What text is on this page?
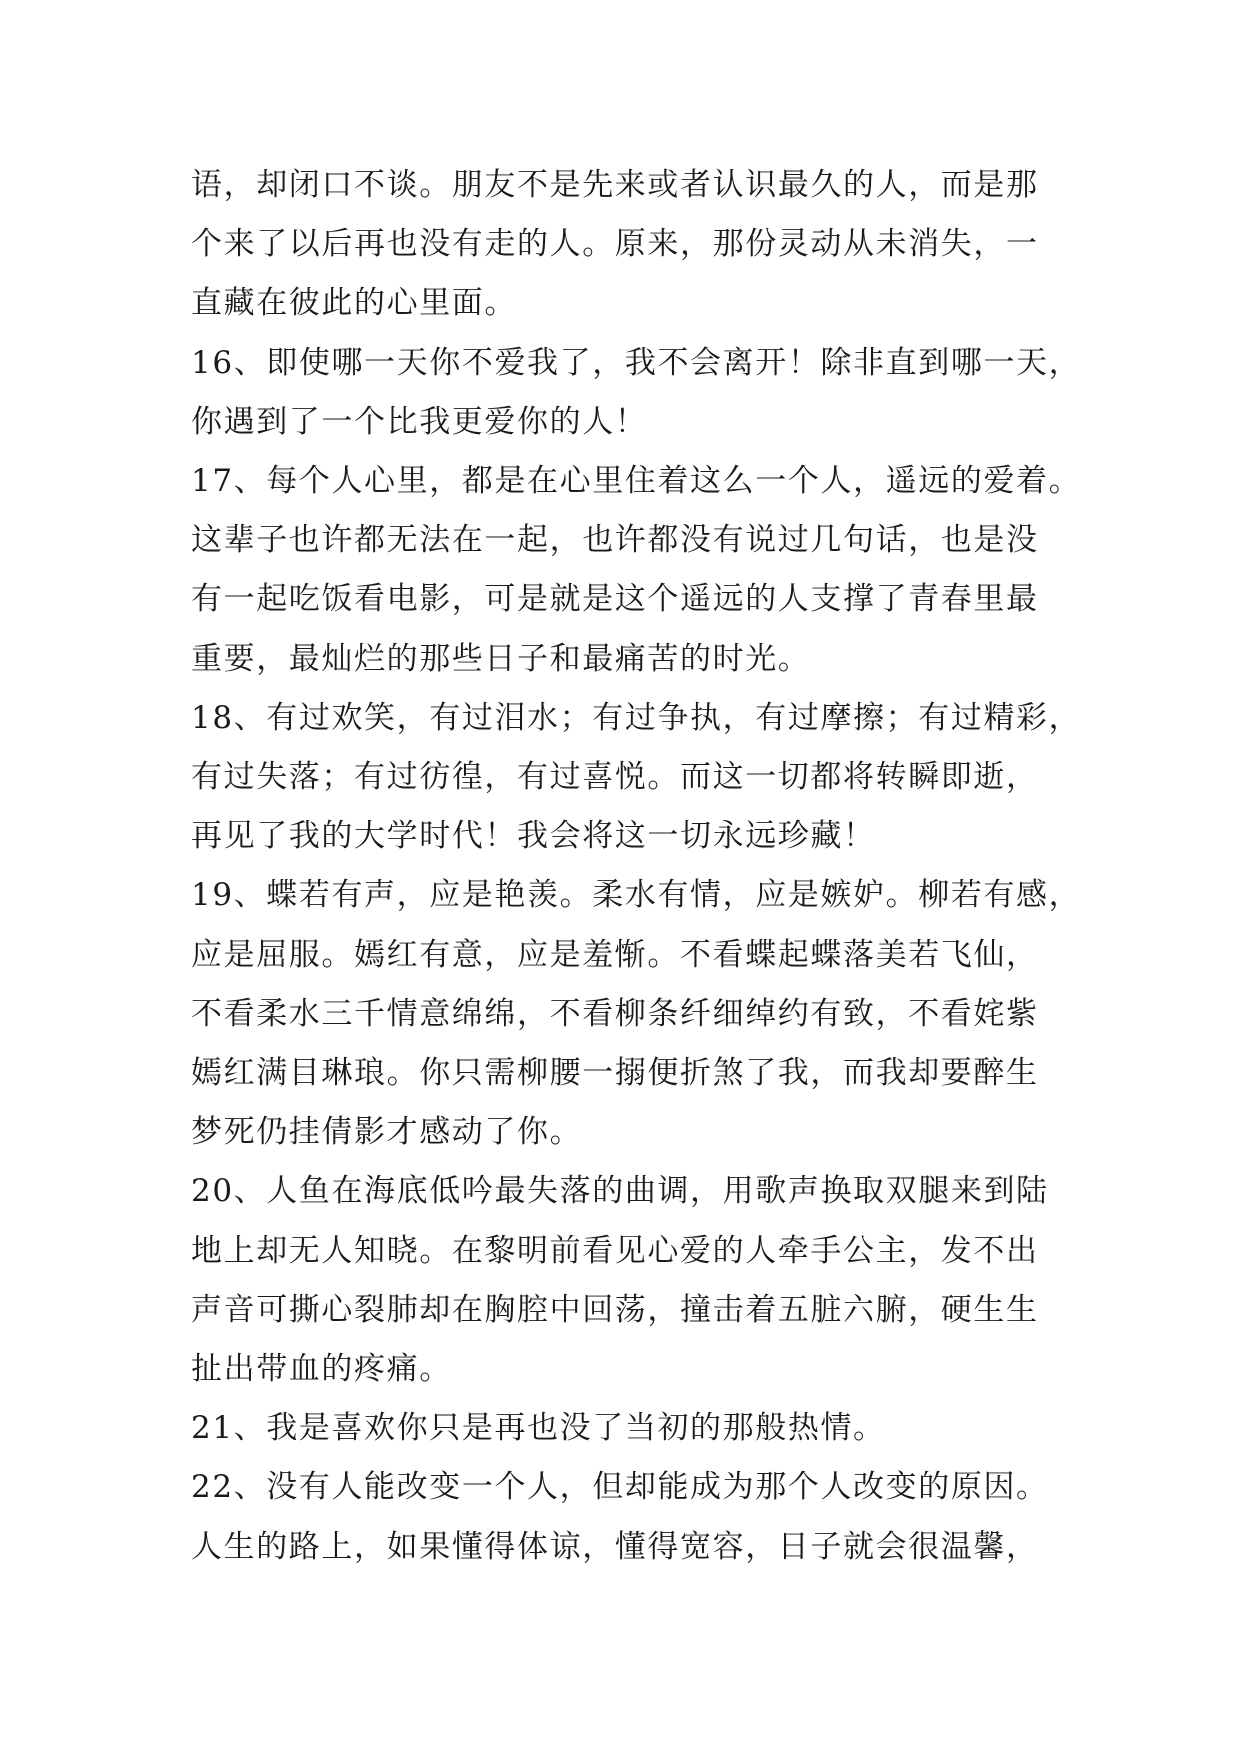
语，却闭口不谈。朋友不是先来或者认识最久的人，而是那
个来了以后再也没有走的人。原来，那份灵动从未消失，一
直藏在彼此的心里面。
16、即使哪一天你不爱我了，我不会离开！除非直到哪一天，
你遇到了一个比我更爱你的人！
17、每个人心里，都是在心里住着这么一个人，遥远的爱着。
这辈子也许都无法在一起，也许都没有说过几句话，也是没
有一起吃饭看电影，可是就是这个遥远的人支撑了青春里最
重要，最灿烂的那些日子和最痛苦的时光。
18、有过欢笑，有过泪水；有过争执，有过摩擦；有过精彩，
有过失落；有过彷徨，有过喜悦。而这一切都将转瞬即逝，
再见了我的大学时代！我会将这一切永远珍藏！
19、蝶若有声，应是艳羡。柔水有情，应是嫉妒。柳若有感，
应是屈服。嫣红有意，应是羞惭。不看蝶起蝶落美若飞仙，
不看柔水三千情意绵绵，不看柳条纤细绰约有致，不看姹紫
嫣红满目琳琅。你只需柳腰一搦便折煞了我，而我却要醉生
梦死仍挂倩影才感动了你。
20、人鱼在海底低吟最失落的曲调，用歌声换取双腿来到陆
地上却无人知晓。在黎明前看见心爱的人牵手公主，发不出
声音可撕心裂肺却在胸腔中回荡，撞击着五脏六腑，硬生生
扯出带血的疼痛。
21、我是喜欢你只是再也没了当初的那般热情。
22、没有人能改变一个人，但却能成为那个人改变的原因。
人生的路上，如果懂得体谅，懂得宽容，日子就会很温馨，
